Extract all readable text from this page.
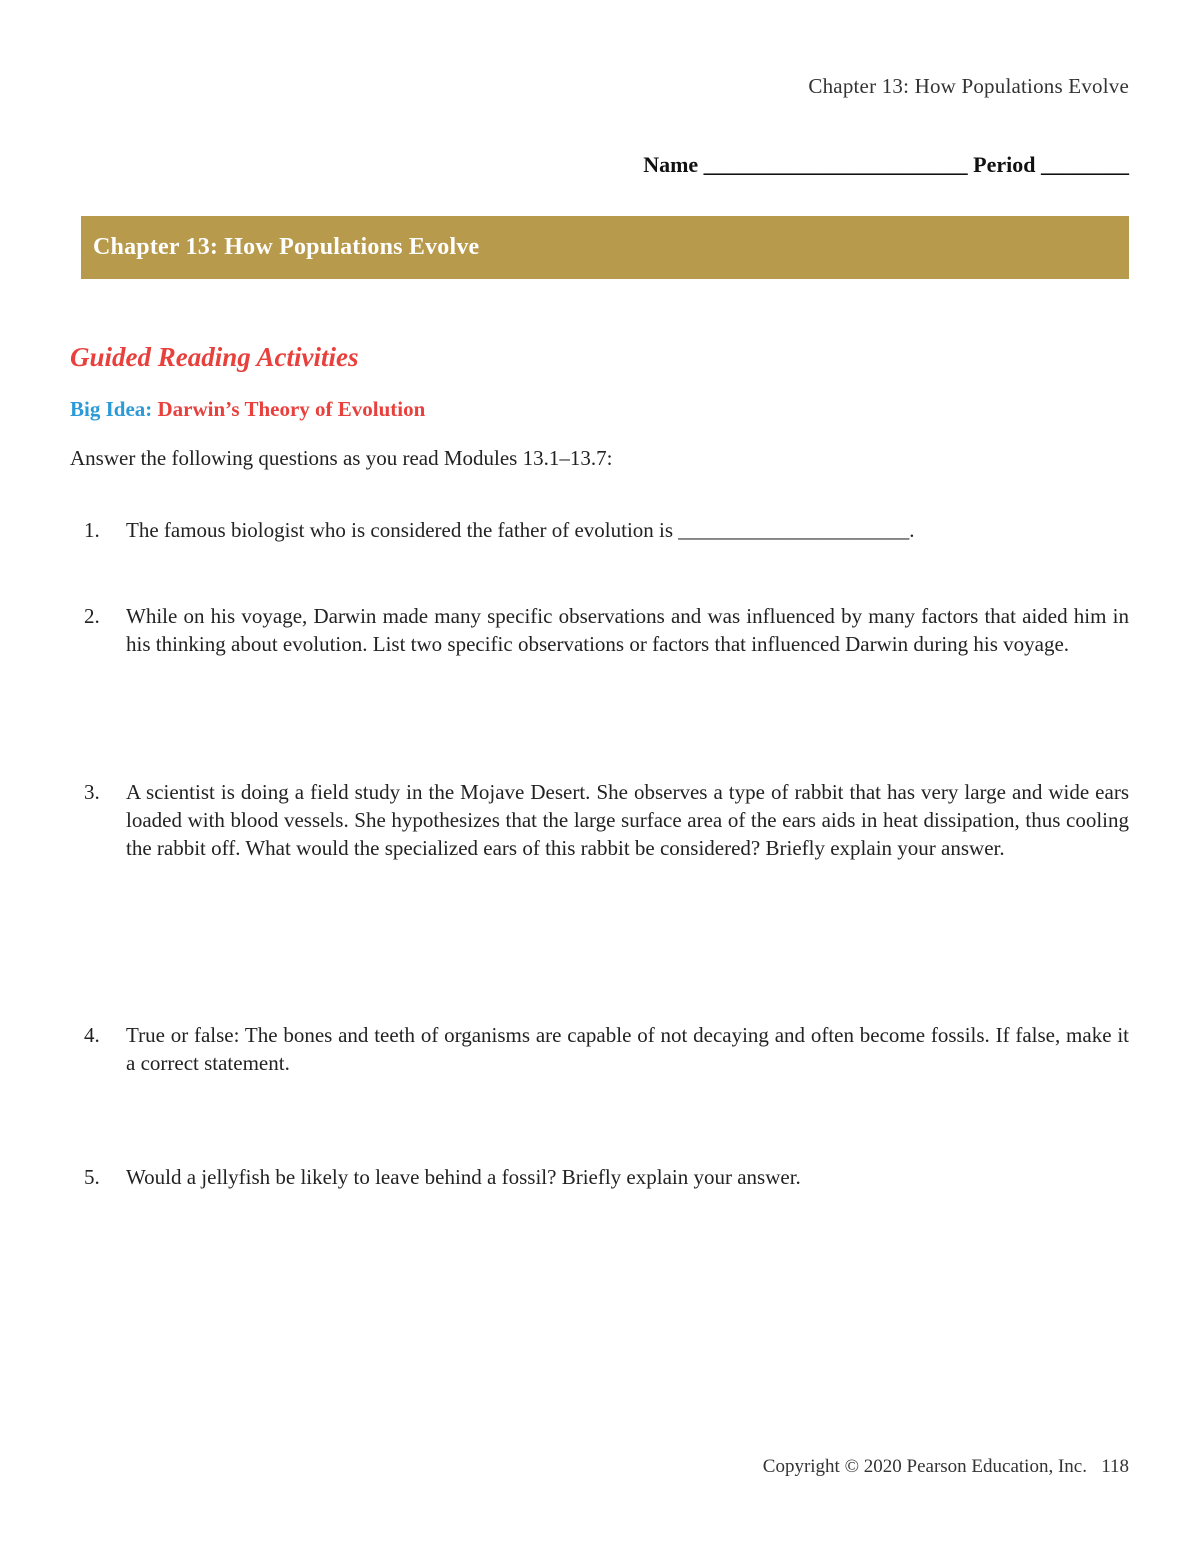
Chapter 13: How Populations Evolve
Name ________________________ Period ________
Chapter 13: How Populations Evolve
Guided Reading Activities
Big Idea: Darwin’s Theory of Evolution
Answer the following questions as you read Modules 13.1–13.7:
1. The famous biologist who is considered the father of evolution is ______________________.
2. While on his voyage, Darwin made many specific observations and was influenced by many factors that aided him in his thinking about evolution. List two specific observations or factors that influenced Darwin during his voyage.
3. A scientist is doing a field study in the Mojave Desert. She observes a type of rabbit that has very large and wide ears loaded with blood vessels. She hypothesizes that the large surface area of the ears aids in heat dissipation, thus cooling the rabbit off. What would the specialized ears of this rabbit be considered? Briefly explain your answer.
4. True or false: The bones and teeth of organisms are capable of not decaying and often become fossils. If false, make it a correct statement.
5. Would a jellyfish be likely to leave behind a fossil? Briefly explain your answer.
Copyright © 2020 Pearson Education, Inc. 118
